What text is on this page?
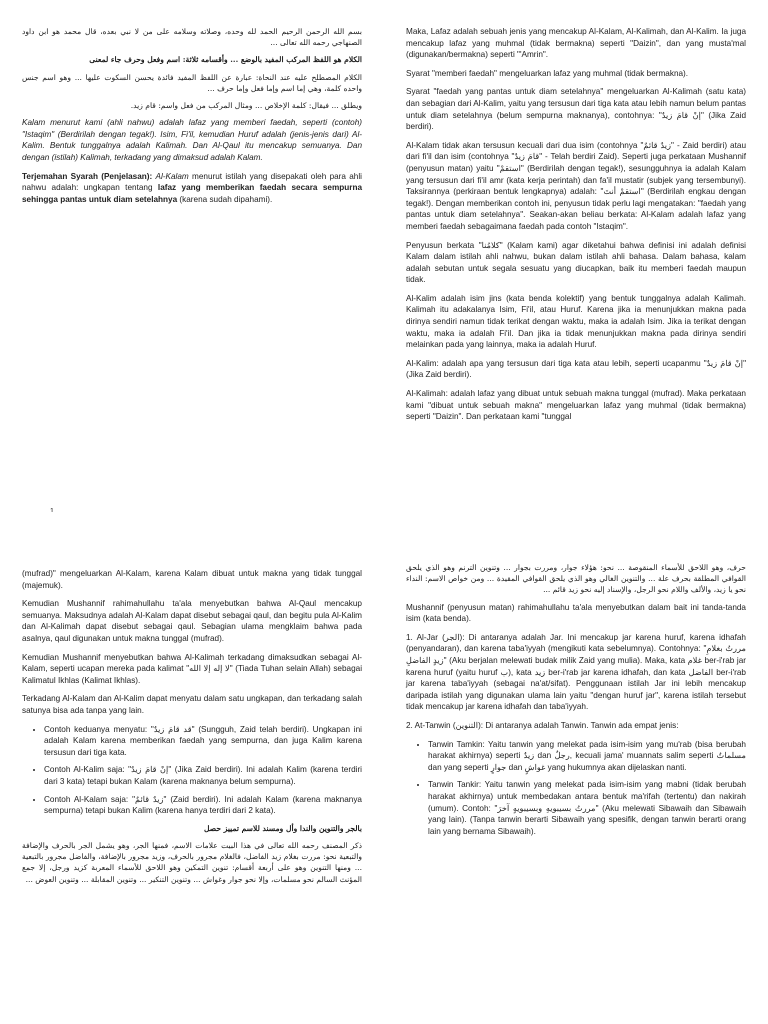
بسم الله الرحمن الرحيم الحمد لله وحده، وصلاته وسلامه على من لا نبي بعده، قال محمد هو ابن داود الصنهاجي رحمه الله تعالى ...

الكلام هو اللفظ المركب المفيد بالوضع ... وأقسامه ثلاثة: اسم وفعل وحرف جاء لمعنى

الكلام المصطلح عليه عند النحاة: عبارة عن اللفظ المفيد فائدة يحسن السكوت عليها ... وهو اسم جنس واحده كلمة، وهي إما اسم وإما فعل وإما حرف ...

ويطلق ... فيقال: كلمة الإخلاص ... ومثال المركب من فعل واسم: قام زيد.

Kalam menurut kami (ahli nahwu) adalah lafaz yang memberi faedah, seperti (contoh) "Istaqim" (Berdirilah dengan tegak!). Isim, Fi'il, kemudian Huruf adalah (jenis-jenis dari) Al-Kalim. Bentuk tunggalnya adalah Kalimah. Dan Al-Qaul itu mencakup semuanya. Dan dengan (istilah) Kalimah, terkadang yang dimaksud adalah Kalam.

Terjemahan Syarah (Penjelasan): Al-Kalam menurut istilah yang disepakati oleh para ahli nahwu adalah: ungkapan tentang lafaz yang memberikan faedah secara sempurna sehingga pantas untuk diam setelahnya (karena sudah dipahami).

1

Maka, Lafaz adalah sebuah jenis yang mencakup Al-Kalam, Al-Kalimah, dan Al-Kalim. Ia juga mencakup lafaz yang muhmal (tidak bermakna) seperti "Daizin", dan yang musta'mal (digunakan/bermakna) seperti "'Amrin".

Syarat "memberi faedah" mengeluarkan lafaz yang muhmal (tidak bermakna).

Syarat "faedah yang pantas untuk diam setelahnya" mengeluarkan Al-Kalimah (satu kata) dan sebagian dari Al-Kalim, yaitu yang tersusun dari tiga kata atau lebih namun belum pantas untuk diam setelahnya (belum sempurna maknanya), contohnya: "إنْ قامَ زيدٌ" (Jika Zaid berdiri).

Al-Kalam tidak akan tersusun kecuali dari dua isim (contohnya "زيدٌ قائمٌ" - Zaid berdiri) atau dari fi'il dan isim (contohnya "قامَ زيدٌ" - Telah berdiri Zaid). Seperti juga perkataan Mushannif (penyusun matan) yaitu "استقمْ" (Berdirilah dengan tegak!), sesungguhnya ia adalah Kalam yang tersusun dari fi'il amr (kata kerja perintah) dan fa'il mustatir (subjek yang tersembunyi). Taksirannya (perkiraan bentuk lengkapnya) adalah: "استقمْ أنتَ" (Berdirilah engkau dengan tegak!). Dengan memberikan contoh ini, penyusun tidak perlu lagi mengatakan: "faedah yang pantas untuk diam setelahnya". Seakan-akan beliau berkata: Al-Kalam adalah lafaz yang memberi faedah sebagaimana faedah pada contoh "Istaqim".

Penyusun berkata "كلامُنا" (Kalam kami) agar diketahui bahwa definisi ini adalah definisi Kalam dalam istilah ahli nahwu, bukan dalam istilah ahli bahasa. Dalam bahasa, kalam adalah sebutan untuk segala sesuatu yang diucapkan, baik itu memberi faedah maupun tidak.

Al-Kalim adalah isim jins (kata benda kolektif) yang bentuk tunggalnya adalah Kalimah. Kalimah itu adakalanya Isim, Fi'il, atau Huruf. Karena jika ia menunjukkan makna pada dirinya sendiri namun tidak terikat dengan waktu, maka ia adalah Isim. Jika ia terikat dengan waktu, maka ia adalah Fi'il. Dan jika ia tidak menunjukkan makna pada dirinya sendiri melainkan pada yang lainnya, maka ia adalah Huruf.

Al-Kalim: adalah apa yang tersusun dari tiga kata atau lebih, seperti ucapanmu "إنْ قامَ زيدٌ" (Jika Zaid berdiri).

Al-Kalimah: adalah lafaz yang dibuat untuk sebuah makna tunggal (mufrad). Maka perkataan kami "dibuat untuk sebuah makna" mengeluarkan lafaz yang muhmal (tidak bermakna) seperti "Daizin". Dan perkataan kami "tunggal

(mufrad)" mengeluarkan Al-Kalam, karena Kalam dibuat untuk makna yang tidak tunggal (majemuk).

Kemudian Mushannif rahimahullahu ta'ala menyebutkan bahwa Al-Qaul mencakup semuanya. Maksudnya adalah Al-Kalam dapat disebut sebagai qaul, dan begitu pula Al-Kalim dan Al-Kalimah dapat disebut sebagai qaul. Sebagian ulama mengklaim bahwa pada asalnya, qaul digunakan untuk makna tunggal (mufrad).

Kemudian Mushannif menyebutkan bahwa Al-Kalimah terkadang dimaksudkan sebagai Al-Kalam, seperti ucapan mereka pada kalimat "لا إله إلا الله" (Tiada Tuhan selain Allah) sebagai Kalimatul Ikhlas (Kalimat Ikhlas).

Terkadang Al-Kalam dan Al-Kalim dapat menyatu dalam satu ungkapan, dan terkadang salah satunya bisa ada tanpa yang lain.

• Contoh keduanya menyatu: "قد قامَ زيدٌ" (Sungguh, Zaid telah berdiri). Ungkapan ini adalah Kalam karena memberikan faedah yang sempurna, dan juga Kalim karena tersusun dari tiga kata.
• Contoh Al-Kalim saja: "إنْ قامَ زيدٌ" (Jika Zaid berdiri). Ini adalah Kalim (karena terdiri dari 3 kata) tetapi bukan Kalam (karena maknanya belum sempurna).
• Contoh Al-Kalam saja: "زيدٌ قائمٌ" (Zaid berdiri). Ini adalah Kalam (karena maknanya sempurna) tetapi bukan Kalim (karena hanya terdiri dari 2 kata).

بالجر والتنوين والندا وأل ومسند للاسم تمييز حصل

ذكر المصنف رحمه الله تعالى في هذا البيت علامات الاسم، فمنها الجر، وهو يشمل الجر بالحرف والإضافة والتبعية نحو: مررت بغلام زيد الفاضل، فالغلام مجرور بالحرف، وزيد مجرور بالإضافة، والفاضل مجرور بالتبعية ... ومنها التنوين وهو على أربعة أقسام: تنوين التمكين وهو اللاحق للأسماء المعربة كزيد ورجل، إلا جمع المؤنث السالم نحو مسلمات، وإلا نحو جوار وغواش ... وتنوين التنكير ... وتنوين المقابلة ... وتنوين العوض ...

حرف، وهو اللاحق للأسماء المنقوصة ... نحو: هؤلاء جوار، ومررت بجوار ... وتنوين الترنم وهو الذي يلحق القوافي المطلقة بحرف علة ... والتنوين الغالي وهو الذي يلحق القوافي المقيدة ... ومن خواص الاسم: النداء نحو يا زيد، والألف واللام نحو الرجل، والإسناد إليه نحو زيد قائم ...

Mushannif (penyusun matan) rahimahullahu ta'ala menyebutkan dalam bait ini tanda-tanda isim (kata benda).

1. Al-Jar (الجر): Di antaranya adalah Jar. Ini mencakup jar karena huruf, karena idhafah (penyandaran), dan karena taba'iyyah (mengikuti kata sebelumnya). Contohnya: "مررتُ بغلامِ زيدٍ الفاضلِ" (Aku berjalan melewati budak milik Zaid yang mulia). Maka, kata غلام ber-i'rab jar karena huruf (yaitu huruf ب), kata زيد ber-i'rab jar karena idhafah, dan kata الفاضل ber-i'rab jar karena taba'iyyah (sebagai na'at/sifat). Penggunaan istilah Jar ini lebih mencakup daripada istilah yang digunakan ulama lain yaitu "dengan huruf jar", karena istilah tersebut tidak mencakup jar karena idhafah dan taba'iyyah.

2. At-Tanwin (التنوين): Di antaranya adalah Tanwin. Tanwin ada empat jenis:

• Tanwin Tamkin: Yaitu tanwin yang melekat pada isim-isim yang mu'rab (bisa berubah harakat akhirnya) seperti زيدٌ dan رجلٌ, kecuali jama' muannats salim seperti مسلماتٌ dan yang seperti جوارٍ dan غواشٍ yang hukumnya akan dijelaskan nanti.
• Tanwin Tankir: Yaitu tanwin yang melekat pada isim-isim yang mabni (tidak berubah harakat akhirnya) untuk membedakan antara bentuk ma'rifah (tertentu) dan nakirah (umum). Contoh: "مررتُ بسيبويهِ وبسيبويهٍ آخرَ" (Aku melewati Sibawaih dan Sibawaih yang lain). (Tanpa tanwin berarti Sibawaih yang spesifik, dengan tanwin berarti orang lain yang bernama Sibawaih).
